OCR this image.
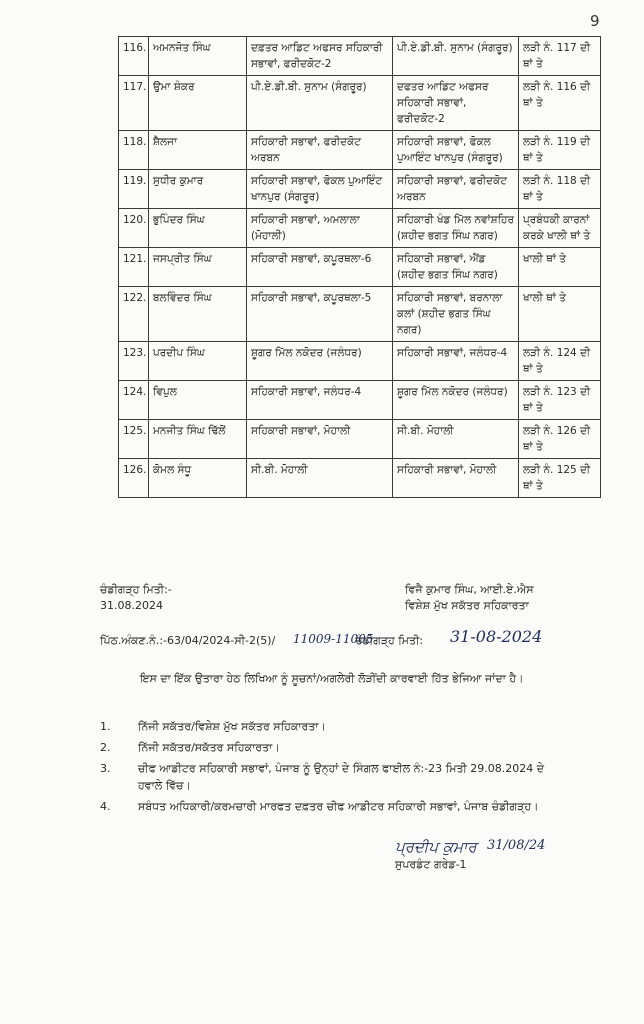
9
116.	ਅਮਨਜੋਤ ਸਿੰਘ	ਦਫ਼ਤਰ ਆਡਿਟ ਅਫਸਰ ਸਹਿਕਾਰੀ ਸਭਾਵਾਂ, ਫਰੀਦਕੋਟ-2	ਪੀ.ਏ.ਡੀ.ਬੀ. ਸੁਨਾਮ (ਸੰਗਰੂਰ)	ਲੜੀ ਨੰ. 117 ਦੀ ਥਾਂ ਤੇ
117.	ਉਮਾ ਸ਼ੰਕਰ	ਪੀ.ਏ.ਡੀ.ਬੀ. ਸੁਨਾਮ (ਸੰਗਰੂਰ)	ਦਫਤਰ ਆਡਿਟ ਅਫਸਰ ਸਹਿਕਾਰੀ ਸਭਾਵਾਂ, ਫਰੀਦਕੋਟ-2	ਲੜੀ ਨੰ. 116 ਦੀ ਥਾਂ ਤੇ
118.	ਸ਼ੈਲਜਾ	ਸਹਿਕਾਰੀ ਸਭਾਵਾਂ, ਫਰੀਦਕੋਟ ਅਰਬਨ	ਸਹਿਕਾਰੀ ਸਭਾਵਾਂ, ਫੋਕਲ ਪੁਆਇੰਟ ਖਾਨਪੁਰ (ਸੰਗਰੂਰ)	ਲੜੀ ਨੰ. 119 ਦੀ ਥਾਂ ਤੇ
119.	ਸੁਧੀਰ ਕੁਮਾਰ	ਸਹਿਕਾਰੀ ਸਭਾਵਾਂ, ਫੋਕਲ ਪੁਆਇੰਟ ਖਾਨਪੁਰ (ਸੰਗਰੂਰ)	ਸਹਿਕਾਰੀ ਸਭਾਵਾਂ, ਫਰੀਦਕੋਟ ਅਰਬਨ	ਲੜੀ ਨੰ. 118 ਦੀ ਥਾਂ ਤੇ
120.	ਭੁਪਿੰਦਰ ਸਿੰਘ	ਸਹਿਕਾਰੀ ਸਭਾਵਾਂ, ਅਮਲਾਲਾ (ਮੋਹਾਲੀ)	ਸਹਿਕਾਰੀ ਖੰਡ ਮਿੱਲ ਨਵਾਂਸ਼ਹਿਰ (ਸ਼ਹੀਦ ਭਗਤ ਸਿੰਘ ਨਗਰ)	ਪ੍ਰਬੰਧਕੀ ਕਾਰਨਾਂ ਕਰਕੇ ਖਾਲੀ ਥਾਂ ਤੇ
121.	ਜਸਪ੍ਰੀਤ ਸਿੰਘ	ਸਹਿਕਾਰੀ ਸਭਾਵਾਂ, ਕਪੂਰਥਲਾ-6	ਸਹਿਕਾਰੀ ਸਭਾਵਾਂ, ਐਂਡ (ਸ਼ਹੀਦ ਭਗਤ ਸਿੰਘ ਨਗਰ)	ਖਾਲੀ ਥਾਂ ਤੇ
122.	ਬਲਵਿੰਦਰ ਸਿੰਘ	ਸਹਿਕਾਰੀ ਸਭਾਵਾਂ, ਕਪੂਰਥਲਾ-5	ਸਹਿਕਾਰੀ ਸਭਾਵਾਂ, ਬਰਨਾਲਾ ਕਲਾਂ (ਸ਼ਹੀਦ ਭਗਤ ਸਿੰਘ ਨਗਰ)	ਖਾਲੀ ਥਾਂ ਤੇ
123.	ਪਰਦੀਪ ਸਿੰਘ	ਸ਼ੂਗਰ ਮਿੱਲ ਨਕੋਦਰ (ਜਲੰਧਰ)	ਸਹਿਕਾਰੀ ਸਭਾਵਾਂ, ਜਲੰਧਰ-4	ਲੜੀ ਨੰ. 124 ਦੀ ਥਾਂ ਤੇ
124.	ਵਿਪੁਲ	ਸਹਿਕਾਰੀ ਸਭਾਵਾਂ, ਜਲੰਧਰ-4	ਸ਼ੂਗਰ ਮਿੱਲ ਨਕੋਦਰ (ਜਲੰਧਰ)	ਲੜੀ ਨੰ. 123 ਦੀ ਥਾਂ ਤੇ
125.	ਮਨਜੀਤ ਸਿੰਘ ਢਿੱਲੋਂ	ਸਹਿਕਾਰੀ ਸਭਾਵਾਂ, ਮੋਹਾਲੀ	ਸੀ.ਬੀ. ਮੋਹਾਲੀ	ਲੜੀ ਨੰ. 126 ਦੀ ਥਾਂ ਤੇ
126.	ਕੋਮਲ ਸੰਧੂ	ਸੀ.ਬੀ. ਮੋਹਾਲੀ	ਸਹਿਕਾਰੀ ਸਭਾਵਾਂ, ਮੋਹਾਲੀ	ਲੜੀ ਨੰ. 125 ਦੀ ਥਾਂ ਤੇ
ਚੰਡੀਗੜ੍ਹ ਮਿਤੀ:-
31.08.2024
ਵਿਜੈ ਕੁਮਾਰ ਸਿੰਘ, ਆਈ.ਏ.ਐਸ
ਵਿਸ਼ੇਸ਼ ਮੁੱਖ ਸਕੱਤਰ ਸਹਿਕਾਰਤਾ
ਪਿੱਠ.ਅੰਕਣ.ਨੰ.:-63/04/2024-ਸੀ-2(5)/	ਚੰਡੀਗੜ੍ਹ ਮਿਤੀ:
11009-11005	31-08-2024
ਇਸ ਦਾ ਇੱਕ ਉਤਾਰਾ ਹੇਠ ਲਿਖਿਆ ਨੂੰ ਸੂਚਨਾਂ/ਅਗਲੇਰੀ ਲੋੜੀਂਦੀ ਕਾਰਵਾਈ ਹਿੱਤ ਭੇਜਿਆ ਜਾਂਦਾ ਹੈ।
1.	ਨਿੱਜੀ ਸਕੱਤਰ/ਵਿਸ਼ੇਸ਼ ਮੁੱਖ ਸਕੱਤਰ ਸਹਿਕਾਰਤਾ।
2.	ਨਿੱਜੀ ਸਕੱਤਰ/ਸਕੱਤਰ ਸਹਿਕਾਰਤਾ।
3.	ਚੀਫ ਆਡੀਟਰ ਸਹਿਕਾਰੀ ਸਭਾਵਾਂ, ਪੰਜਾਬ ਨੂੰ ਉਨ੍ਹਾਂ ਦੇ ਸਿੰਗਲ ਫਾਈਲ ਨੰ:-23 ਮਿਤੀ 29.08.2024 ਦੇ ਹਵਾਲੇ ਵਿੱਚ।
4.	ਸਬੰਧਤ ਅਧਿਕਾਰੀ/ਕਰਮਚਾਰੀ ਮਾਰਫਤ ਦਫ਼ਤਰ ਚੀਫ ਆਡੀਟਰ ਸਹਿਕਾਰੀ ਸਭਾਵਾਂ, ਪੰਜਾਬ ਚੰਡੀਗੜ੍ਹ।
ਪ੍ਰਦੀਪ ਕੁਮਾਰ 31/08/24
ਸੁਪਰਡੰਟ ਗਰੇਡ-1
